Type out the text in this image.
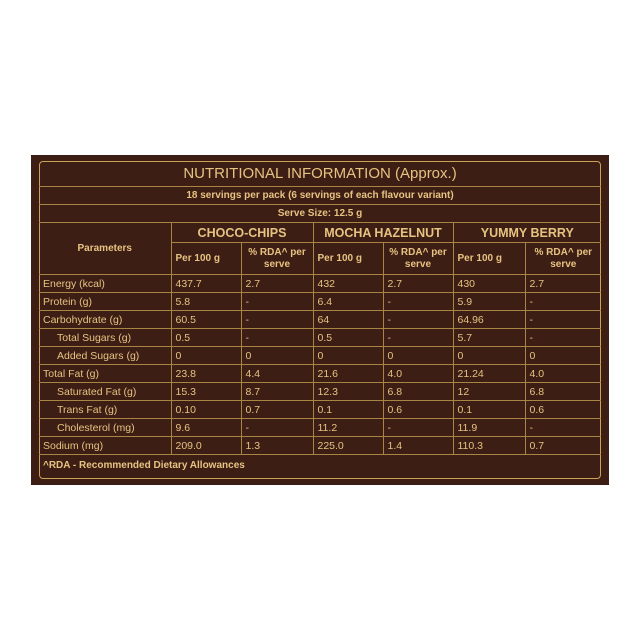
NUTRITIONAL INFORMATION (Approx.)						
18 servings per pack (6 servings of each flavour variant)						
Serve Size: 12.5 g						
Parameters	CHOCO-CHIPS		MOCHA HAZELNUT		YUMMY BERRY	
	Per 100 g	% RDA^ per serve	Per 100 g	% RDA^ per serve	Per 100 g	% RDA^ per serve
Energy (kcal)	437.7	2.7	432	2.7	430	2.7
Protein (g)	5.8	-	6.4	-	5.9	-
Carbohydrate (g)	60.5	-	64	-	64.96	-
Total Sugars (g)	0.5	-	0.5	-	5.7	-
Added Sugars (g)	0	0	0	0	0	0
Total Fat (g)	23.8	4.4	21.6	4.0	21.24	4.0
Saturated Fat (g)	15.3	8.7	12.3	6.8	12	6.8
Trans Fat (g)	0.10	0.7	0.1	0.6	0.1	0.6
Cholesterol (mg)	9.6	-	11.2	-	11.9	-
Sodium (mg)	209.0	1.3	225.0	1.4	110.3	0.7
^RDA - Recommended Dietary Allowances						
